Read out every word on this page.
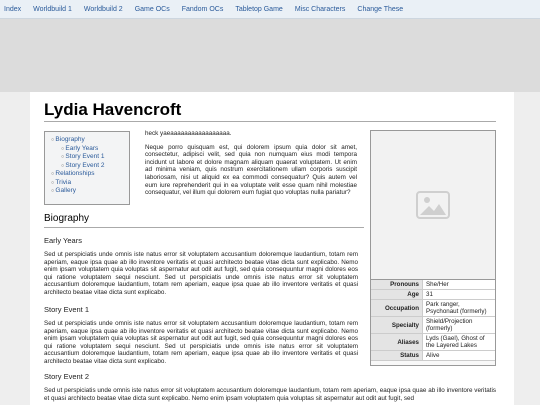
Index Worldbuild 1 Worldbuild 2 Game OCs Fandom OCs Tabletop Game Misc Characters Change These
Lydia Havencroft
○ Biography
○ Early Years
○ Story Event 1
○ Story Event 2
○ Relationships
○ Trivia
○ Gallery

heck yaeaaaaaaaaaaaaaaaaa.

Neque porro quisquam est, qui dolorem ipsum quia dolor sit amet, consectetur, adipisci velit, sed quia non numquam eius modi tempora incidunt ut labore et dolore magnam aliquam quaerat voluptatem. Ut enim ad minima veniam, quis nostrum exercitationem ullam corporis suscipit laboriosam, nisi ut aliquid ex ea commodi consequatur? Quis autem vel eum iure reprehenderit qui in ea voluptate velit esse quam nihil molestiae consequatur, vel illum qui dolorem eum fugiat quo voluptas nulla pariatur?

Pronouns	She/Her
Age	31
Occupation	Park ranger, Psychonaut (formerly)
Specialty	Shield/Projection (formerly)
Aliases	Lyds (Gael), Ghost of the Layered Lakes
Status	Alive
Biography
Early Years
Sed ut perspiciatis unde omnis iste natus error sit voluptatem accusantium doloremque laudantium, totam rem aperiam, eaque ipsa quae ab illo inventore veritatis et quasi architecto beatae vitae dicta sunt explicabo. Nemo enim ipsam voluptatem quia voluptas sit aspernatur aut odit aut fugit, sed quia consequuntur magni dolores eos qui ratione voluptatem sequi nesciunt. Sed ut perspiciatis unde omnis iste natus error sit voluptatem accusantium doloremque laudantium, totam rem aperiam, eaque ipsa quae ab illo inventore veritatis et quasi architecto beatae vitae dicta sunt explicabo.
Story Event 1
Sed ut perspiciatis unde omnis iste natus error sit voluptatem accusantium doloremque laudantium, totam rem aperiam, eaque ipsa quae ab illo inventore veritatis et quasi architecto beatae vitae dicta sunt explicabo. Nemo enim ipsam voluptatem quia voluptas sit aspernatur aut odit aut fugit, sed quia consequuntur magni dolores eos qui ratione voluptatem sequi nesciunt. Sed ut perspiciatis unde omnis iste natus error sit voluptatem accusantium doloremque laudantium, totam rem aperiam, eaque ipsa quae ab illo inventore veritatis et quasi architecto beatae vitae dicta sunt explicabo.
Story Event 2
Sed ut perspiciatis unde omnis iste natus error sit voluptatem accusantium doloremque laudantium, totam rem aperiam, eaque ipsa quae ab illo inventore veritatis et quasi architecto beatae vitae dicta sunt explicabo. Nemo enim ipsam voluptatem quia voluptas sit aspernatur aut odit aut fugit, sed
